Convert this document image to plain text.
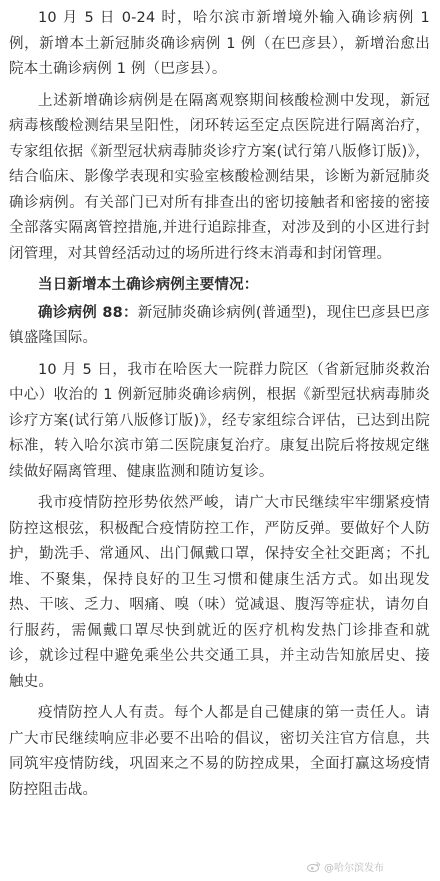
10 月 5 日 0-24 时，哈尔滨市新增境外输入确诊病例 1 例，新增本土新冠肺炎确诊病例 1 例（在巴彦县），新增治愈出院本土确诊病例 1 例（巴彦县）。

上述新增确诊病例是在隔离观察期间核酸检测中发现，新冠病毒核酸检测结果呈阳性，闭环转运至定点医院进行隔离治疗，专家组依据《新型冠状病毒肺炎诊疗方案(试行第八版修订版)》，结合临床、影像学表现和实验室核酸检测结果，诊断为新冠肺炎确诊病例。有关部门已对所有排查出的密切接触者和密接的密接全部落实隔离管控措施,并进行追踪排查，对涉及到的小区进行封闭管理，对其曾经活动过的场所进行终末消毒和封闭管理。

当日新增本土确诊病例主要情况：

确诊病例 88：新冠肺炎确诊病例(普通型)，现住巴彦县巴彦镇盛隆国际。

10 月 5 日，我市在哈医大一院群力院区（省新冠肺炎救治中心）收治的 1 例新冠肺炎确诊病例，根据《新型冠状病毒肺炎诊疗方案(试行第八版修订版)》，经专家组综合评估，已达到出院标准，转入哈尔滨市第二医院康复治疗。康复出院后将按规定继续做好隔离管理、健康监测和随访复诊。

我市疫情防控形势依然严峻，请广大市民继续牢牢绷紧疫情防控这根弦，积极配合疫情防控工作，严防反弹。要做好个人防护，勤洗手、常通风、出门佩戴口罩，保持安全社交距离；不扎堆、不聚集，保持良好的卫生习惯和健康生活方式。如出现发热、干咳、乏力、咽痛、嗅（味）觉减退、腹泻等症状，请勿自行服药，需佩戴口罩尽快到就近的医疗机构发热门诊排查和就诊，就诊过程中避免乘坐公共交通工具，并主动告知旅居史、接触史。

疫情防控人人有责。每个人都是自己健康的第一责任人。请广大市民继续响应非必要不出哈的倡议，密切关注官方信息，共同筑牢疫情防线，巩固来之不易的防控成果，全面打赢这场疫情防控阻击战。

@哈尔滨发布
